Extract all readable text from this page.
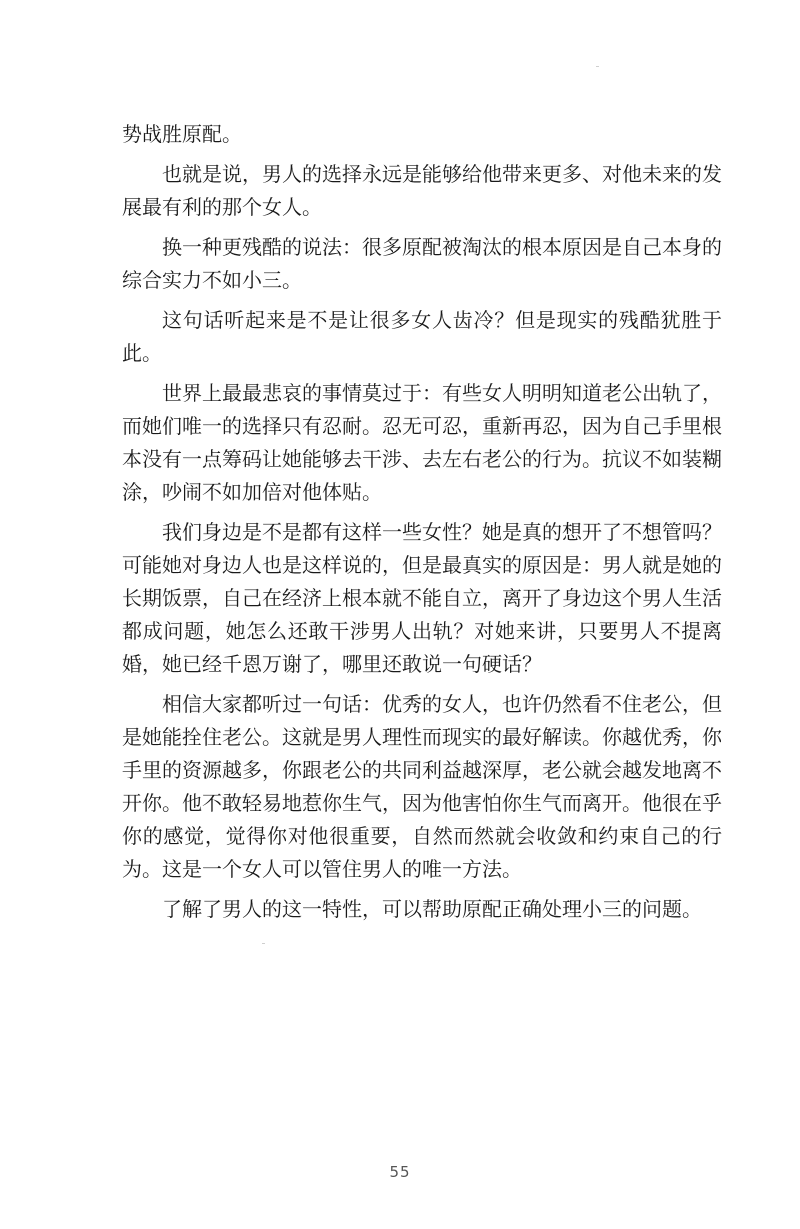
势战胜原配。

也就是说，男人的选择永远是能够给他带来更多、对他未来的发展最有利的那个女人。

换一种更残酷的说法：很多原配被淘汰的根本原因是自己本身的综合实力不如小三。

这句话听起来是不是让很多女人齿冷？但是现实的残酷犹胜于此。

世界上最最悲哀的事情莫过于：有些女人明明知道老公出轨了，而她们唯一的选择只有忍耐。忍无可忍，重新再忍，因为自己手里根本没有一点筹码让她能够去干涉、去左右老公的行为。抗议不如装糊涂，吵闹不如加倍对他体贴。

我们身边是不是都有这样一些女性？她是真的想开了不想管吗？可能她对身边人也是这样说的，但是最真实的原因是：男人就是她的长期饭票，自己在经济上根本就不能自立，离开了身边这个男人生活都成问题，她怎么还敢干涉男人出轨？对她来讲，只要男人不提离婚，她已经千恩万谢了，哪里还敢说一句硬话？

相信大家都听过一句话：优秀的女人，也许仍然看不住老公，但是她能拴住老公。这就是男人理性而现实的最好解读。你越优秀，你手里的资源越多，你跟老公的共同利益越深厚，老公就会越发地离不开你。他不敢轻易地惹你生气，因为他害怕你生气而离开。他很在乎你的感觉，觉得你对他很重要，自然而然就会收敛和约束自己的行为。这是一个女人可以管住男人的唯一方法。

了解了男人的这一特性，可以帮助原配正确处理小三的问题。

55
